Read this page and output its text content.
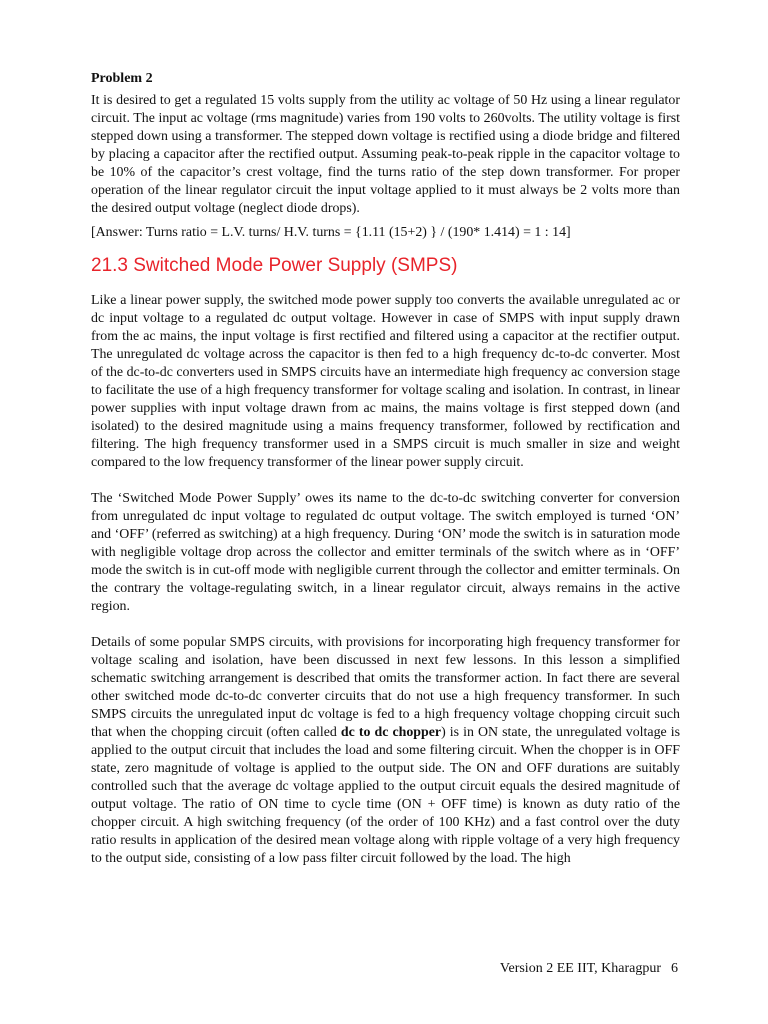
Problem 2

It is desired to get a regulated 15 volts supply from the utility ac voltage of 50 Hz using a linear regulator circuit. The input ac voltage (rms magnitude) varies from 190 volts to 260volts. The utility voltage is first stepped down using a transformer. The stepped down voltage is rectified using a diode bridge and filtered by placing a capacitor after the rectified output. Assuming peak-to-peak ripple in the capacitor voltage to be 10% of the capacitor’s crest voltage, find the turns ratio of the step down transformer. For proper operation of the linear regulator circuit the input voltage applied to it must always be 2 volts more than the desired output voltage (neglect diode drops).

[Answer: Turns ratio = L.V. turns/ H.V. turns = {1.11 (15+2) } / (190* 1.414) = 1 : 14]

21.3 Switched Mode Power Supply (SMPS)

Like a linear power supply, the switched mode power supply too converts the available unregulated ac or dc input voltage to a regulated dc output voltage. However in case of SMPS with input supply drawn from the ac mains, the input voltage is first rectified and filtered using a capacitor at the rectifier output. The unregulated dc voltage across the capacitor is then fed to a high frequency dc-to-dc converter. Most of the dc-to-dc converters used in SMPS circuits have an intermediate high frequency ac conversion stage to facilitate the use of a high frequency transformer for voltage scaling and isolation. In contrast, in linear power supplies with input voltage drawn from ac mains, the mains voltage is first stepped down (and isolated) to the desired magnitude using a mains frequency transformer, followed by rectification and filtering. The high frequency transformer used in a SMPS circuit is much smaller in size and weight compared to the low frequency transformer of the linear power supply circuit.

The ‘Switched Mode Power Supply’ owes its name to the dc-to-dc switching converter for conversion from unregulated dc input voltage to regulated dc output voltage. The switch employed is turned ‘ON’ and ‘OFF’ (referred as switching) at a high frequency. During ‘ON’ mode the switch is in saturation mode with negligible voltage drop across the collector and emitter terminals of the switch where as in ‘OFF’ mode the switch is in cut-off mode with negligible current through the collector and emitter terminals. On the contrary the voltage-regulating switch, in a linear regulator circuit, always remains in the active region.

Details of some popular SMPS circuits, with provisions for incorporating high frequency transformer for voltage scaling and isolation, have been discussed in next few lessons. In this lesson a simplified schematic switching arrangement is described that omits the transformer action. In fact there are several other switched mode dc-to-dc converter circuits that do not use a high frequency transformer. In such SMPS circuits the unregulated input dc voltage is fed to a high frequency voltage chopping circuit such that when the chopping circuit (often called dc to dc chopper) is in ON state, the unregulated voltage is applied to the output circuit that includes the load and some filtering circuit. When the chopper is in OFF state, zero magnitude of voltage is applied to the output side. The ON and OFF durations are suitably controlled such that the average dc voltage applied to the output circuit equals the desired magnitude of output voltage. The ratio of ON time to cycle time (ON + OFF time) is known as duty ratio of the chopper circuit. A high switching frequency (of the order of 100 KHz) and a fast control over the duty ratio results in application of the desired mean voltage along with ripple voltage of a very high frequency to the output side, consisting of a low pass filter circuit followed by the load. The high

Version 2 EE IIT, Kharagpur 6
